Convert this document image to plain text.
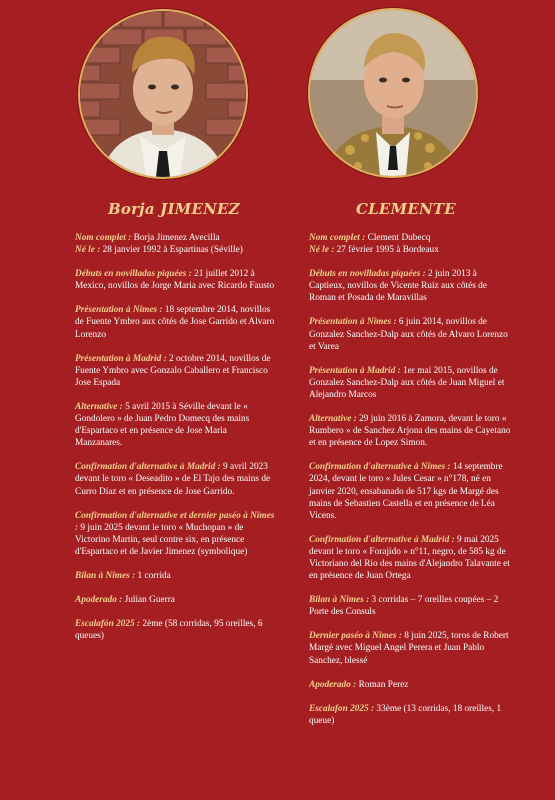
Borja JIMENEZ	CLEMENTE
Nom complet : Borja Jimenez Avecilla
Né le : 28 janvier 1992 à Espartinas (Séville)
Débuts en novilladas piquées : 21 juillet 2012 à Mexico, novillos de Jorge Maria avec Ricardo Fausto
Présentation à Nîmes : 18 septembre 2014, novillos de Fuente Ymbro aux côtés de Jose Garrido et Alvaro Lorenzo
Présentation à Madrid : 2 octobre 2014, novillos de Fuente Ymbro avec Gonzalo Caballero et Francisco Jose Espada
Alternative : 5 avril 2015 à Séville devant le « Gondolero » de Juan Pedro Domecq des mains d'Espartaco et en présence de Jose Maria Manzanares.
Confirmation d'alternative à Madrid : 9 avril 2023 devant le toro « Deseadito » de El Tajo des mains de Curro Díaz et en présence de Jose Garrido.
Confirmation d'alternative et dernier paséo à Nîmes : 9 juin 2025 devant le toro « Muchopan » de Victorino Martin, seul contre six, en présence d'Espartaco et de Javier Jimenez (symbolique)
Bilan à Nîmes : 1 corrida
Apoderado : Julian Guerra
Escalafón 2025 : 2ème (58 corridas, 95 oreilles, 6 queues)
Nom complet : Clement Dubecq
Né le : 27 février 1995 à Bordeaux
Débuts en novilladas piquées : 2 juin 2013 à Captieux, novillos de Vicente Ruiz aux côtés de Roman et Posada de Maravillas
Présentation à Nîmes : 6 juin 2014, novillos de Gonzalez Sanchez-Dalp aux côtés de Alvaro Lorenzo et Varea
Présentation à Madrid : 1er mai 2015, novillos de Gonzalez Sanchez-Dalp aux côtés de Juan Miguel et Alejandro Marcos
Alternative : 29 juin 2016 à Zamora, devant le toro « Rumbero » de Sanchez Arjona des mains de Cayetano et en présence de Lopez Simon.
Confirmation d'alternative à Nîmes : 14 septembre 2024, devant le toro « Jules Cesar » n°178, né en janvier 2020, ensabanado de 517 kgs de Margé des mains de Sebastien Castella et en présence de Léa Vicens.
Confirmation d'alternative à Madrid : 9 mai 2025 devant le toro « Forajido » n°11, negro, de 585 kg de Victoriano del Rio des mains d'Alejandro Talavante et en présence de Juan Ortega
Bilan à Nîmes : 3 corridas – 7 oreilles coupées – 2 Porte des Consuls
Dernier paséo à Nîmes : 8 juin 2025, toros de Robert Margé avec Miguel Angel Perera et Juan Pablo Sanchez, blessé
Apoderado : Roman Perez
Escalafon 2025 : 33ème (13 corridas, 18 oreilles, 1 queue)
